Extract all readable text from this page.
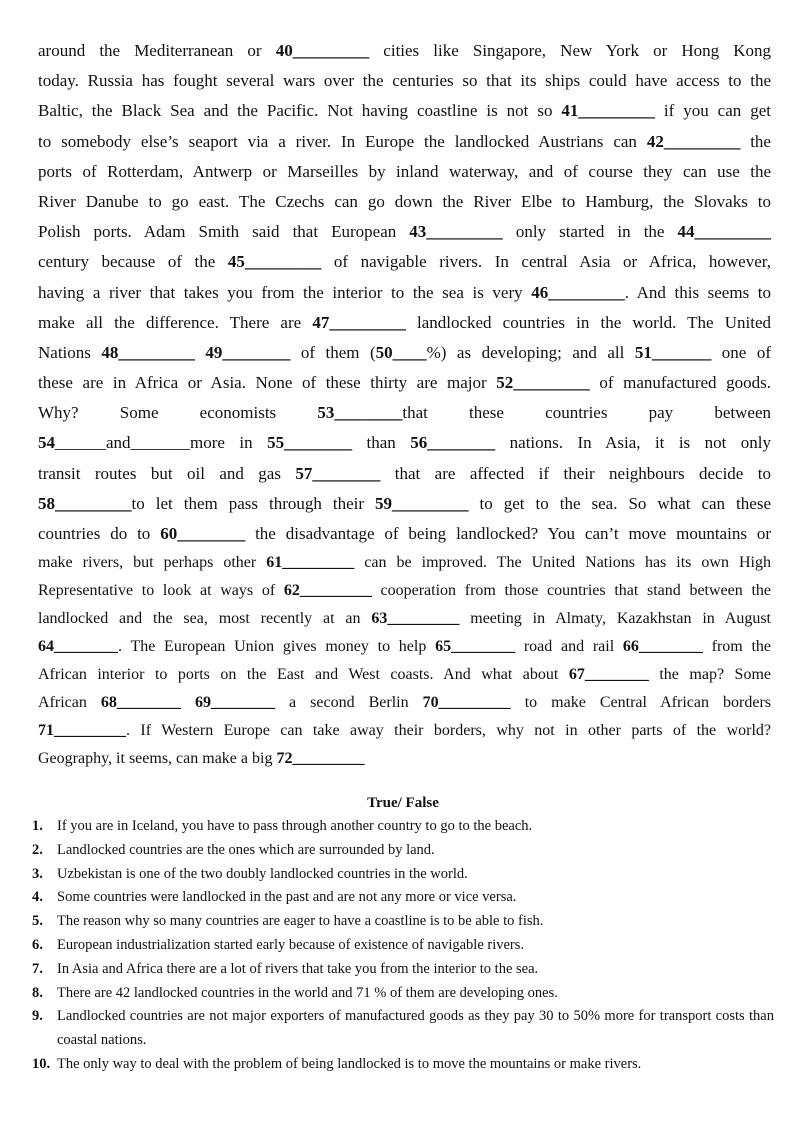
around the Mediterranean or 40_________ cities like Singapore, New York or Hong Kong
today. Russia has fought several wars over the centuries so that its ships could have access to the
Baltic, the Black Sea and the Pacific. Not having coastline is not so 41_________ if you can get
to somebody else’s seaport via a river. In Europe the landlocked Austrians can 42_________ the
ports of Rotterdam, Antwerp or Marseilles by inland waterway, and of course they can use the
River Danube to go east. The Czechs can go down the River Elbe to Hamburg, the Slovaks to
Polish ports. Adam Smith said that European 43_________ only started in the 44_________
century because of the 45_________ of navigable rivers. In central Asia or Africa, however,
having a river that takes you from the interior to the sea is very 46_________. And this seems to
make all the difference. There are 47_________ landlocked countries in the world. The United
Nations 48_________ 49________ of them (50____%) as developing; and all 51_______ one of
these are in Africa or Asia. None of these thirty are major 52_________ of manufactured goods.
Why? Some economists 53________that these countries pay between
54______and_______more in 55________ than 56________ nations. In Asia, it is not only
transit routes but oil and gas 57________ that are affected if their neighbours decide to
58_________to let them pass through their 59_________ to get to the sea. So what can these
countries do to 60________ the disadvantage of being landlocked? You can’t move mountains or
make rivers, but perhaps other 61_________ can be improved. The United Nations has its own High
Representative to look at ways of 62_________ cooperation from those countries that stand between the
landlocked and the sea, most recently at an 63_________ meeting in Almaty, Kazakhstan in August
64________. The European Union gives money to help 65________ road and rail 66________ from the
African interior to ports on the East and West coasts. And what about 67________ the map? Some
African 68________ 69________ a second Berlin 70_________ to make Central African borders
71_________. If Western Europe can take away their borders, why not in other parts of the world?
Geography, it seems, can make a big 72_________
True/ False
1. If you are in Iceland, you have to pass through another country to go to the beach.
2. Landlocked countries are the ones which are surrounded by land.
3. Uzbekistan is one of the two doubly landlocked countries in the world.
4. Some countries were landlocked in the past and are not any more or vice versa.
5. The reason why so many countries are eager to have a coastline is to be able to fish.
6. European industrialization started early because of existence of navigable rivers.
7. In Asia and Africa there are a lot of rivers that take you from the interior to the sea.
8. There are 42 landlocked countries in the world and 71 % of them are developing ones.
9. Landlocked countries are not major exporters of manufactured goods as they pay 30 to 50% more for transport costs than coastal nations.
10. The only way to deal with the problem of being landlocked is to move the mountains or make rivers.
